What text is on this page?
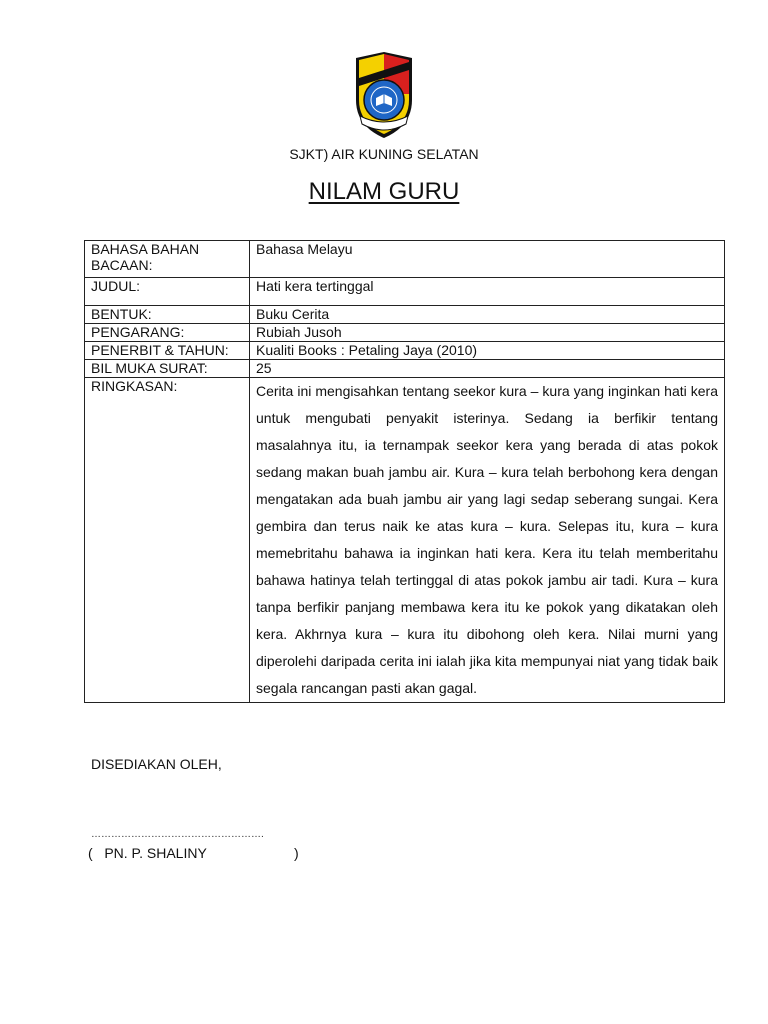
SJKT) AIR KUNING SELATAN
NILAM GURU
BAHASA BAHAN BACAAN:	Bahasa Melayu
JUDUL:	Hati kera tertinggal
BENTUK:	Buku Cerita
PENGARANG:	Rubiah Jusoh
PENERBIT & TAHUN:	Kualiti Books : Petaling Jaya (2010)
BIL MUKA SURAT:	25
RINGKASAN:	Cerita ini mengisahkan tentang seekor kura – kura yang inginkan hati kera untuk mengubati penyakit isterinya. Sedang ia berfikir tentang masalahnya itu, ia ternampak seekor kera yang berada di atas pokok sedang makan buah jambu air. Kura – kura telah berbohong kera dengan mengatakan ada buah jambu air yang lagi sedap seberang sungai. Kera gembira dan terus naik ke atas kura – kura. Selepas itu, kura – kura memebritahu bahawa ia inginkan hati kera. Kera itu telah memberitahu bahawa hatinya telah tertinggal di atas pokok jambu air tadi. Kura – kura tanpa berfikir panjang membawa kera itu ke pokok yang dikatakan oleh kera. Akhrnya kura – kura itu dibohong oleh kera. Nilai murni yang diperolehi daripada cerita ini ialah jika kita mempunyai niat yang tidak baik segala rancangan pasti akan gagal.
DISEDIAKAN OLEH,
…………………………………………….
(   PN. P. SHALINY	)
